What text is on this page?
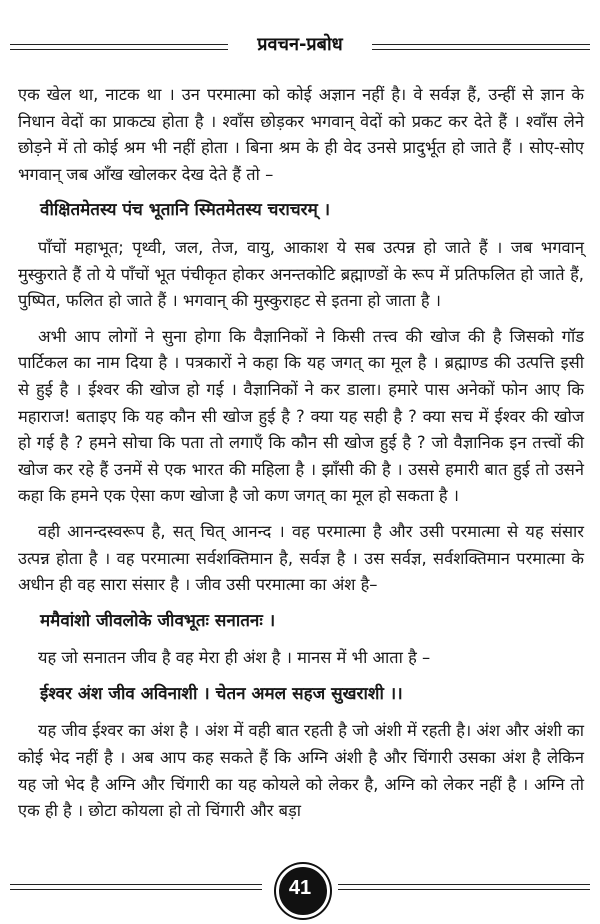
प्रवचन-प्रबोध

एक खेल था, नाटक था । उन परमात्मा को कोई अज्ञान नहीं है। वे सर्वज्ञ हैं, उन्हीं से ज्ञान के निधान वेदों का प्राकट्य होता है । श्वाँस छोड़कर भगवान् वेदों को प्रकट कर देते हैं । श्वाँस लेने छोड़ने में तो कोई श्रम भी नहीं होता । बिना श्रम के ही वेद उनसे प्रादुर्भूत हो जाते हैं । सोए-सोए भगवान् जब आँख खोलकर देख देते हैं तो –

वीक्षितमेतस्य पंच भूतानि स्मितमेतस्य चराचरम् ।

पाँचों महाभूत; पृथ्वी, जल, तेज, वायु, आकाश ये सब उत्पन्न हो जाते हैं । जब भगवान् मुस्कुराते हैं तो ये पाँचों भूत पंचीकृत होकर अनन्तकोटि ब्रह्माण्डों के रूप में प्रतिफलित हो जाते हैं, पुष्पित, फलित हो जाते हैं । भगवान् की मुस्कुराहट से इतना हो जाता है ।

अभी आप लोगों ने सुना होगा कि वैज्ञानिकों ने किसी तत्त्व की खोज की है जिसको गॉड पार्टिकल का नाम दिया है । पत्रकारों ने कहा कि यह जगत् का मूल है । ब्रह्माण्ड की उत्पत्ति इसी से हुई है । ईश्वर की खोज हो गई । वैज्ञानिकों ने कर डाला। हमारे पास अनेकों फोन आए कि महाराज! बताइए कि यह कौन सी खोज हुई है ? क्या यह सही है ? क्या सच में ईश्वर की खोज हो गई है ? हमने सोचा कि पता तो लगाएँ कि कौन सी खोज हुई है ? जो वैज्ञानिक इन तत्त्वों की खोज कर रहे हैं उनमें से एक भारत की महिला है । झाँसी की है । उससे हमारी बात हुई तो उसने कहा कि हमने एक ऐसा कण खोजा है जो कण जगत् का मूल हो सकता है ।

वही आनन्दस्वरूप है, सत् चित् आनन्द । वह परमात्मा है और उसी परमात्मा से यह संसार उत्पन्न होता है । वह परमात्मा सर्वशक्तिमान है, सर्वज्ञ है । उस सर्वज्ञ, सर्वशक्तिमान परमात्मा के अधीन ही वह सारा संसार है । जीव उसी परमात्मा का अंश है–

ममैवांशो जीवलोके जीवभूतः सनातनः ।

यह जो सनातन जीव है वह मेरा ही अंश है । मानस में भी आता है –

ईश्वर अंश जीव अविनाशी । चेतन अमल सहज सुखराशी ।।

यह जीव ईश्वर का अंश है । अंश में वही बात रहती है जो अंशी में रहती है। अंश और अंशी का कोई भेद नहीं है । अब आप कह सकते हैं कि अग्नि अंशी है और चिंगारी उसका अंश है लेकिन यह जो भेद है अग्नि और चिंगारी का यह कोयले को लेकर है, अग्नि को लेकर नहीं है । अग्नि तो एक ही है । छोटा कोयला हो तो चिंगारी और बड़ा

41
